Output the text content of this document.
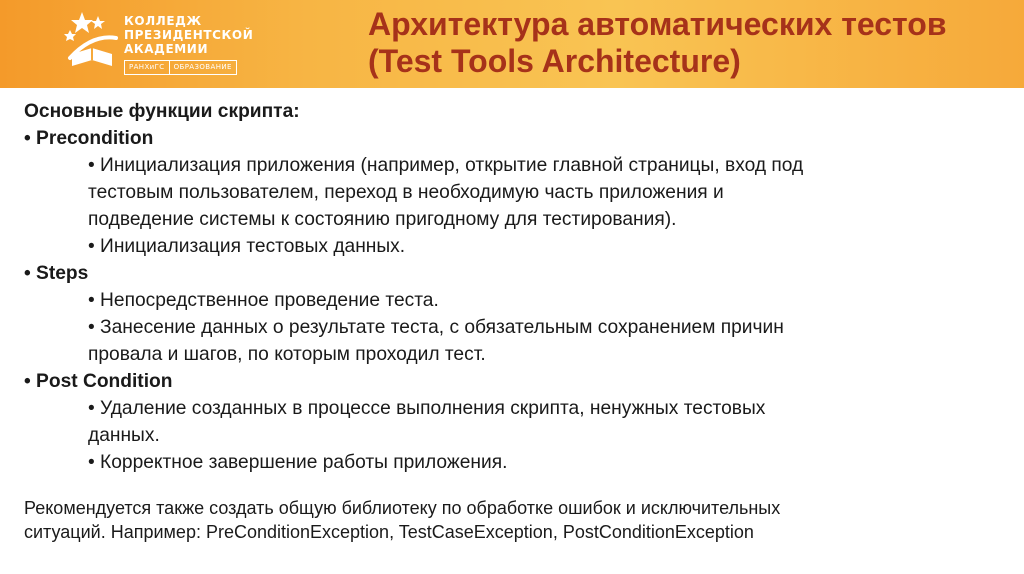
КОЛЛЕДЖ
ПРЕЗИДЕНТСКОЙ
АКАДЕМИИ
РАНХиГС	ОБРАЗОВАНИЕ
Архитектура автоматических тестов
(Test Tools Architecture)
Основные функции скрипта:
• Precondition
• Инициализация приложения (например, открытие главной страницы, вход под
тестовым пользователем, переход в необходимую часть приложения и
подведение системы к состоянию пригодному для тестирования).
• Инициализация тестовых данных.
• Steps
• Непосредственное проведение теста.
• Занесение данных о результате теста, с обязательным сохранением причин
провала и шагов, по которым проходил тест.
• Post Condition
• Удаление созданных в процессе выполнения скрипта, ненужных тестовых
данных.
• Корректное завершение работы приложения.
Рекомендуется также создать общую библиотеку по обработке ошибок и исключительных
ситуаций. Например: PreConditionException, TestCaseException, PostConditionException
